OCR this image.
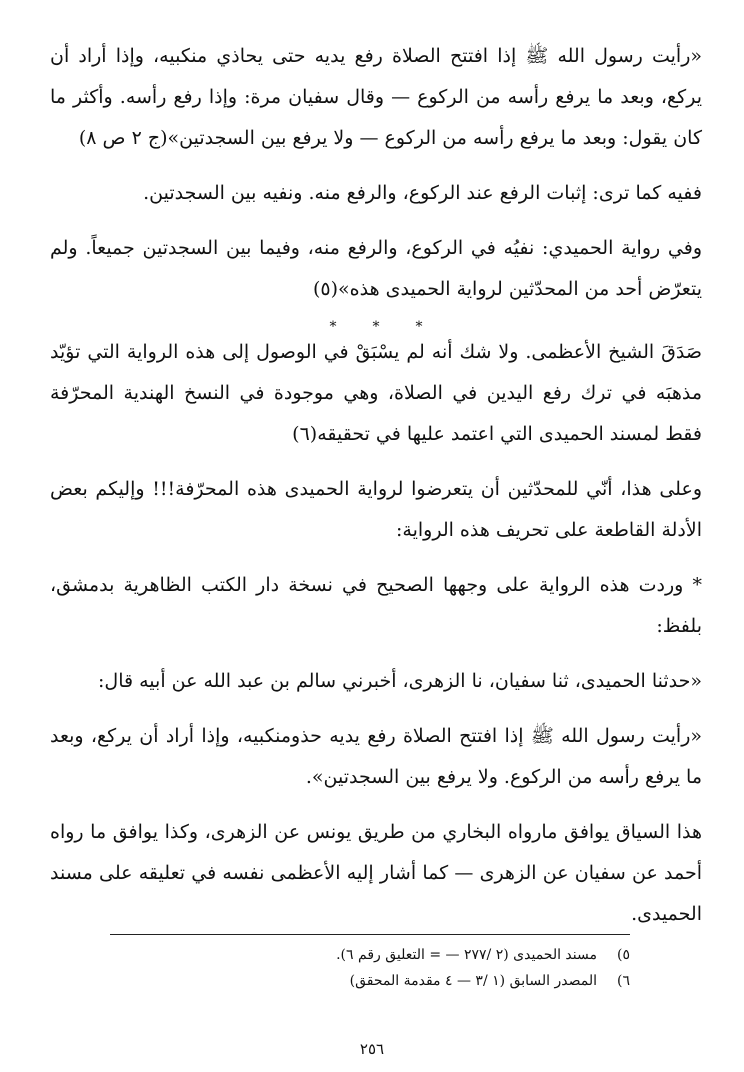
«رأيت رسول الله ﷺ إذا افتتح الصلاة رفع يديه حتى يحاذي منكبيه، وإذا أراد أن يركع، وبعد ما يرفع رأسه من الركوع — وقال سفيان مرة: وإذا رفع رأسه. وأكثر ما كان يقول: وبعد ما يرفع رأسه من الركوع — ولا يرفع بين السجدتين»(ج ٢ ص ٨)

ففيه كما ترى: إثبات الرفع عند الركوع، والرفع منه. ونفيه بين السجدتين.

وفي رواية الحميدي: نفيُه في الركوع، والرفع منه، وفيما بين السجدتين جميعاً. ولم يتعرّض أحد من المحدّثين لرواية الحميدى هذه»(٥)

*
*
*

صَدَقَ الشيخ الأعظمى. ولا شك أنه لم يسْبَقْ في الوصول إلى هذه الرواية التي تؤيّد مذهبَه في ترك رفع اليدين في الصلاة، وهي موجودة في النسخ الهندية المحرّفة فقط لمسند الحميدى التي اعتمد عليها في تحقيقه(٦)

وعلى هذا، أنّي للمحدّثين أن يتعرضوا لرواية الحميدى هذه المحرّفة!!! وإليكم بعض الأدلة القاطعة على تحريف هذه الرواية:

* وردت هذه الرواية على وجهها الصحيح في نسخة دار الكتب الظاهرية بدمشق، بلفظ:

«حدثنا الحميدى، ثنا سفيان، نا الزهرى، أخبرني سالم بن عبد الله عن أبيه قال:

«رأيت رسول الله ﷺ إذا افتتح الصلاة رفع يديه حذومنكبيه، وإذا أراد أن يركع، وبعد ما يرفع رأسه من الركوع. ولا يرفع بين السجدتين».

هذا السياق يوافق مارواه البخاري من طريق يونس عن الزهرى، وكذا يوافق ما رواه أحمد عن سفيان عن الزهرى — كما أشار إليه الأعظمى نفسه في تعليقه على مسند الحميدى.

٥)
مسند الحميدى (٢ /٢٧٧ — = التعليق رقم ٦).
٦)
المصدر السابق (١ /٣ — ٤ مقدمة المحقق)
٢٥٦
